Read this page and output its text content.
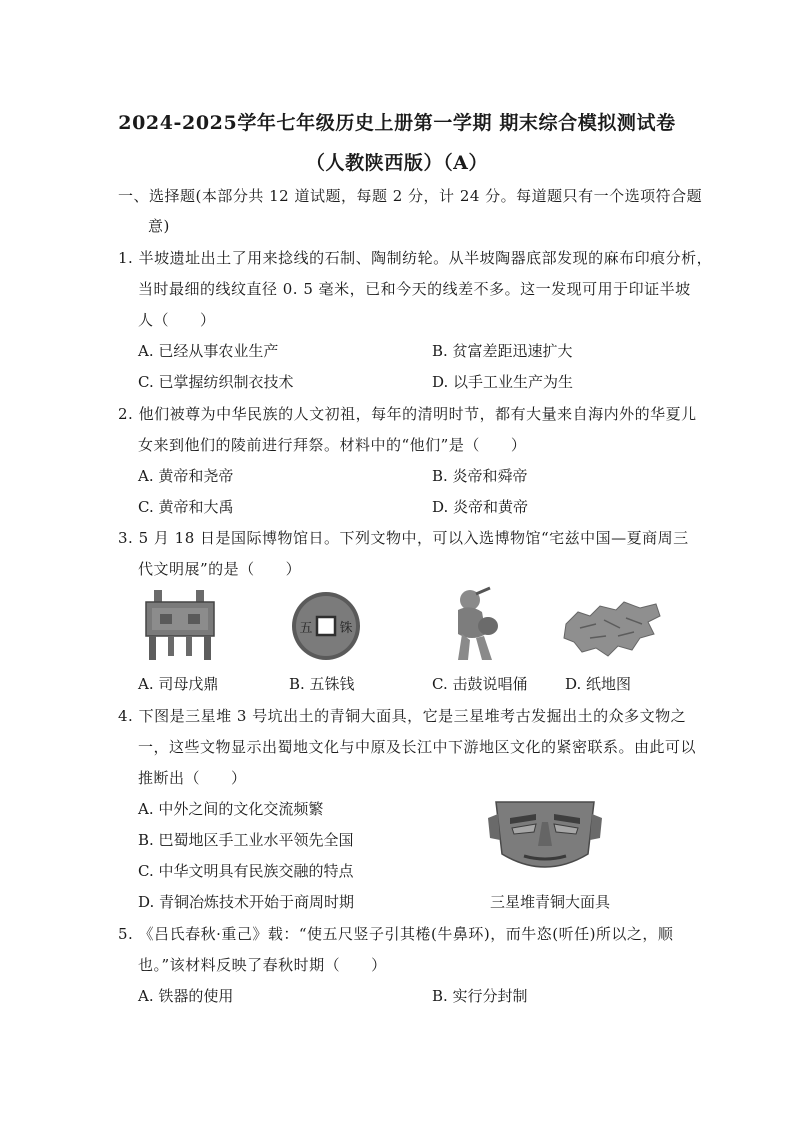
2024-2025学年七年级历史上册第一学期 期末综合模拟测试卷
（人教陕西版）（A）
一、选择题(本部分共 12 道试题，每题 2 分，计 24 分。每道题只有一个选项符合题
意)
1. 半坡遗址出土了用来捻线的石制、陶制纺轮。从半坡陶器底部发现的麻布印痕分析，
当时最细的线纹直径 0. 5 毫米，已和今天的线差不多。这一发现可用于印证半坡
人（　　）
A. 已经从事农业生产	B. 贫富差距迅速扩大
C. 已掌握纺织制衣技术	D. 以手工业生产为生
2. 他们被尊为中华民族的人文初祖，每年的清明时节，都有大量来自海内外的华夏儿
女来到他们的陵前进行拜祭。材料中的“他们”是（　　）
A. 黄帝和尧帝	B. 炎帝和舜帝
C. 黄帝和大禹	D. 炎帝和黄帝
3. 5 月 18 日是国际博物馆日。下列文物中，可以入选博物馆“宅兹中国—夏商周三
代文明展”的是（　　）
五 铢
A. 司母戊鼎	B. 五铢钱	C. 击鼓说唱俑	D. 纸地图
4. 下图是三星堆 3 号坑出土的青铜大面具，它是三星堆考古发掘出土的众多文物之
一，这些文物显示出蜀地文化与中原及长江中下游地区文化的紧密联系。由此可以
推断出（　　）
A. 中外之间的文化交流频繁
B. 巴蜀地区手工业水平领先全国
C. 中华文明具有民族交融的特点
D. 青铜冶炼技术开始于商周时期	三星堆青铜大面具
5. 《吕氏春秋·重己》载：“使五尺竖子引其棬(牛鼻环)，而牛恣(听任)所以之，顺
也。”该材料反映了春秋时期（　　）
A. 铁器的使用	B. 实行分封制
